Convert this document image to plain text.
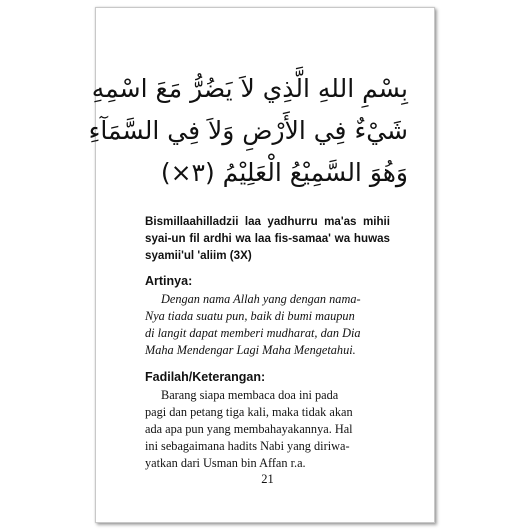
بِسْمِ اللهِ الَّذِي لاَ يَضُرُّ مَعَ اسْمِهِ
شَيْءٌ فِي الأَرْضِ وَلاَ فِي السَّمَآءِ
وَهُوَ السَّمِيْعُ الْعَلِيْمُ (٣×)
Bismillaahilladzii laa yadhurru ma'as mihii syai-un fil ardhi wa laa fis-samaa' wa huwas syamii'ul 'aliim (3X)
Artinya:
Dengan nama Allah yang dengan nama-
Nya tiada suatu pun, baik di bumi maupun
di langit dapat memberi mudharat, dan Dia
Maha Mendengar Lagi Maha Mengetahui.
Fadilah/Keterangan:
Barang siapa membaca doa ini pada
pagi dan petang tiga kali, maka tidak akan
ada apa pun yang membahayakannya. Hal
ini sebagaimana hadits Nabi yang diriwa-
yatkan dari Usman bin Affan r.a.
21
